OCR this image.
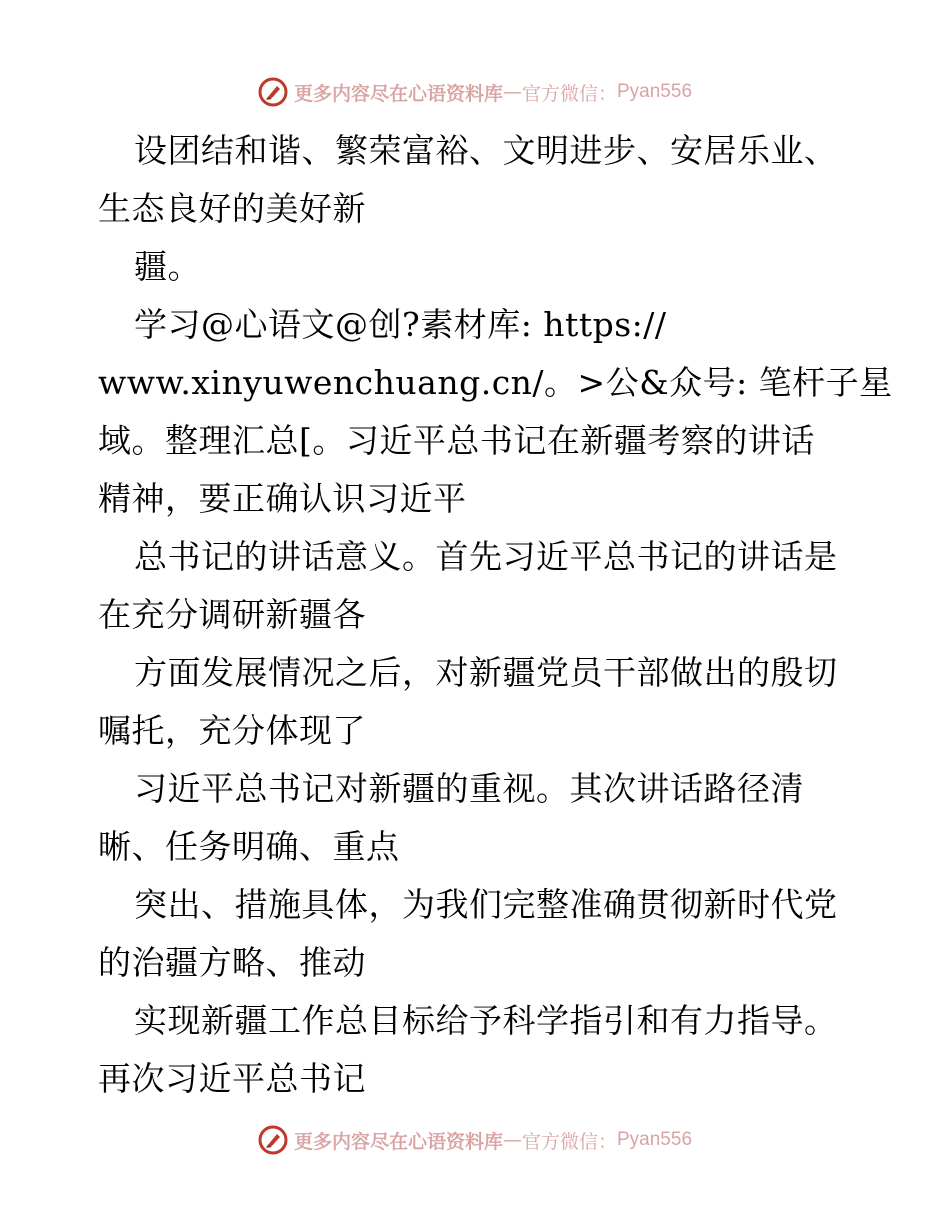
更多内容尽在心语资料库 — 官方微信： Pyan556
设团结和谐、繁荣富裕、文明进步、安居乐业、
生态良好的美好新
疆。
学习@心语文@创?素材库: https://
www.xinyuwenchuang.cn/。>公&众号: 笔杆子星
域。整理汇总[。习近平总书记在新疆考察的讲话
精神，要正确认识习近平
总书记的讲话意义。首先习近平总书记的讲话是
在充分调研新疆各
方面发展情况之后，对新疆党员干部做出的殷切
嘱托，充分体现了
习近平总书记对新疆的重视。其次讲话路径清
晰、任务明确、重点
突出、措施具体，为我们完整准确贯彻新时代党
的治疆方略、推动
实现新疆工作总目标给予科学指引和有力指导。
再次习近平总书记
更多内容尽在心语资料库 — 官方微信： Pyan556
